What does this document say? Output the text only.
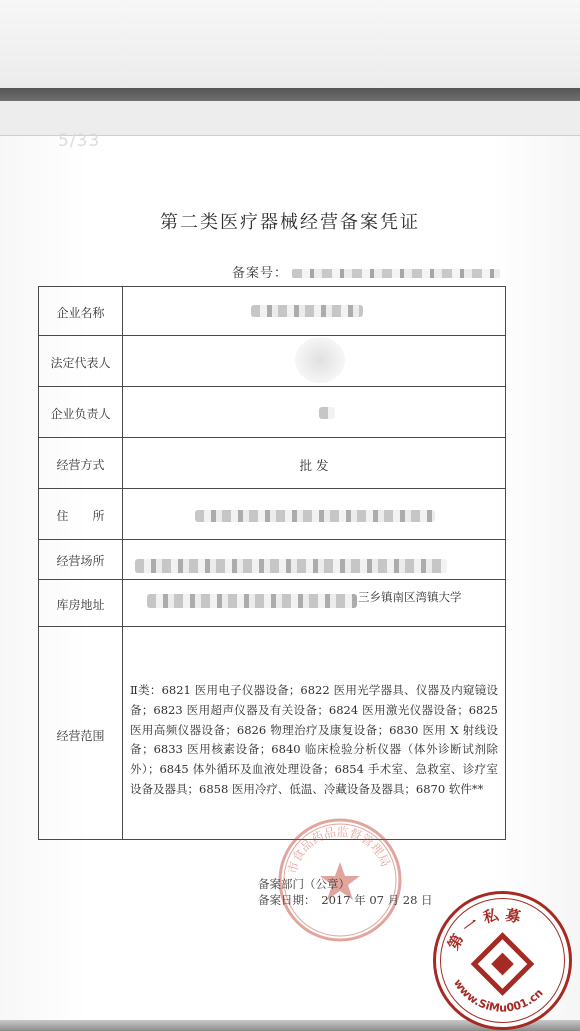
5/33
第二类医疗器械经营备案凭证
备案号：
企业名称
法定代表人
企业负责人
经营方式	批 发
住　　所
经营场所
库房地址
三乡镇南区湾镇大学
经营范围
Ⅱ类：6821 医用电子仪器设备；6822 医用光学器具、仪器及内窥镜设备；6823 医用超声仪器及有关设备；6824 医用激光仪器设备；6825 医用高频仪器设备；6826 物理治疗及康复设备；6830 医用 X 射线设备；6833 医用核素设备；6840 临床检验分析仪器（体外诊断试剂除外）；6845 体外循环及血液处理设备；6854 手术室、急救室、诊疗室设备及器具；6858 医用冷疗、低温、冷藏设备及器具；6870 软件**
市食品药品监督管理局
备案部门（公章）
备案日期：　2017 年 07 月 28 日
第 一 私 募
www.SiMu001.cn
